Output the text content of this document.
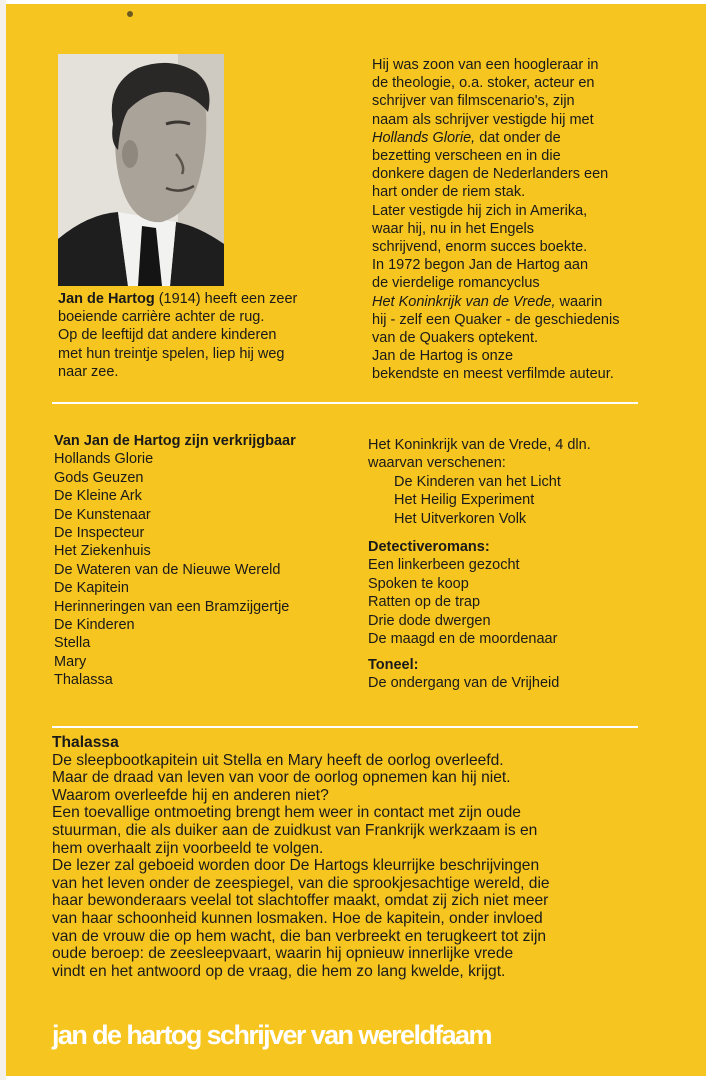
Jan de Hartog (1914) heeft een zeer

boeiende carrière achter de rug.

Op de leeftijd dat andere kinderen

met hun treintje spelen, liep hij weg

naar zee.

Hij was zoon van een hoogleraar in

de theologie, o.a. stoker, acteur en

schrijver van filmscenario's, zijn

naam als schrijver vestigde hij met

Hollands Glorie, dat onder de

bezetting verscheen en in die

donkere dagen de Nederlanders een

hart onder de riem stak.

Later vestigde hij zich in Amerika,

waar hij, nu in het Engels

schrijvend, enorm succes boekte.

In 1972 begon Jan de Hartog aan

de vierdelige romancyclus

Het Koninkrijk van de Vrede, waarin

hij - zelf een Quaker - de geschiedenis

van de Quakers optekent.

Jan de Hartog is onze

bekendste en meest verfilmde auteur.

Van Jan de Hartog zijn verkrijgbaar
Hollands Glorie
Gods Geuzen
De Kleine Ark
De Kunstenaar
De Inspecteur
Het Ziekenhuis
De Wateren van de Nieuwe Wereld
De Kapitein
Herinneringen van een Bramzijgertje
De Kinderen
Stella
Mary
Thalassa
Het Koninkrijk van de Vrede, 4 dln.
waarvan verschenen:
De Kinderen van het Licht
Het Heilig Experiment
Het Uitverkoren Volk
Detectiveromans:
Een linkerbeen gezocht
Spoken te koop
Ratten op de trap
Drie dode dwergen
De maagd en de moordenaar
Toneel:
De ondergang van de Vrijheid

Thalassa

De sleepbootkapitein uit Stella en Mary heeft de oorlog overleefd.

Maar de draad van leven van voor de oorlog opnemen kan hij niet.

Waarom overleefde hij en anderen niet?

Een toevallige ontmoeting brengt hem weer in contact met zijn oude

stuurman, die als duiker aan de zuidkust van Frankrijk werkzaam is en

hem overhaalt zijn voorbeeld te volgen.

De lezer zal geboeid worden door De Hartogs kleurrijke beschrijvingen

van het leven onder de zeespiegel, van die sprookjesachtige wereld, die

haar bewonderaars veelal tot slachtoffer maakt, omdat zij zich niet meer

van haar schoonheid kunnen losmaken. Hoe de kapitein, onder invloed

van de vrouw die op hem wacht, die ban verbreekt en terugkeert tot zijn

oude beroep: de zeesleepvaart, waarin hij opnieuw innerlijke vrede

vindt en het antwoord op de vraag, die hem zo lang kwelde, krijgt.

jan de hartog schrijver van wereldfaam
